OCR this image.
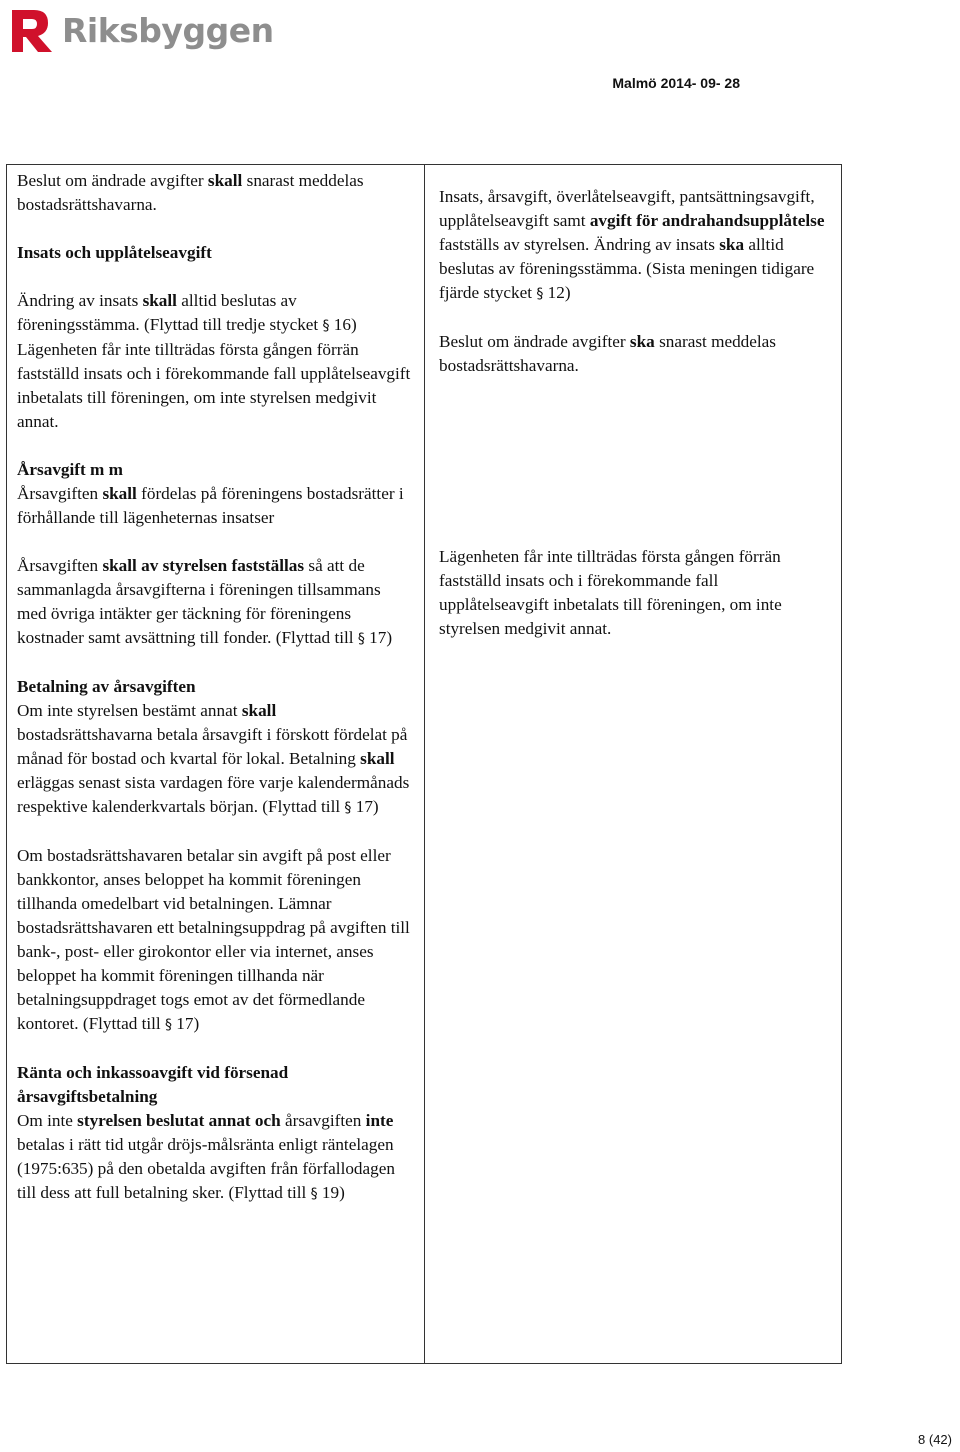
Riksbyggen
Malmö 2014- 09- 28

Beslut om ändrade avgifter skall snarast meddelas bostadsrättshavarna.

Insats och upplåtelseavgift

Ändring av insats skall alltid beslutas av föreningsstämma. (Flyttad till tredje stycket § 16)
Lägenheten får inte tillträdas första gången förrän fastställd insats och i förekommande fall upplåtelseavgift inbetalats till föreningen, om inte styrelsen medgivit annat.

Årsavgift m m
Årsavgiften skall fördelas på föreningens bostadsrätter i förhållande till lägenheternas insatser

Årsavgiften skall av styrelsen fastställas så att de sammanlagda årsavgifterna i föreningen tillsammans med övriga intäkter ger täckning för föreningens kostnader samt avsättning till fonder. (Flyttad till § 17)

Betalning av årsavgiften
Om inte styrelsen bestämt annat skall bostadsrättshavarna betala årsavgift i förskott fördelat på månad för bostad och kvartal för lokal. Betalning skall erläggas senast sista vardagen före varje kalendermånads respektive kalenderkvartals början. (Flyttad till § 17)

Om bostadsrättshavaren betalar sin avgift på post eller bankkontor, anses beloppet ha kommit föreningen tillhanda omedelbart vid betalningen. Lämnar bostadsrättshavaren ett betalningsuppdrag på avgiften till bank-, post- eller girokontor eller via internet, anses beloppet ha kommit föreningen tillhanda när betalningsuppdraget togs emot av det förmedlande kontoret. (Flyttad till § 17)

Ränta och inkassoavgift vid försenad årsavgiftsbetalning
Om inte styrelsen beslutat annat och årsavgiften inte betalas i rätt tid utgår dröjs-målsränta enligt räntelagen (1975:635) på den obetalda avgiften från förfallodagen till dess att full betalning sker. (Flyttad till § 19)

Insats, årsavgift, överlåtelseavgift, pantsättningsavgift, upplåtelseavgift samt avgift för andrahandsupplåtelse fastställs av styrelsen. Ändring av insats ska alltid beslutas av föreningsstämma. (Sista meningen tidigare fjärde stycket § 12)

Beslut om ändrade avgifter ska snarast meddelas bostadsrättshavarna.

Lägenheten får inte tillträdas första gången förrän fastställd insats och i förekommande fall upplåtelseavgift inbetalats till föreningen, om inte styrelsen medgivit annat.

8 (42)
